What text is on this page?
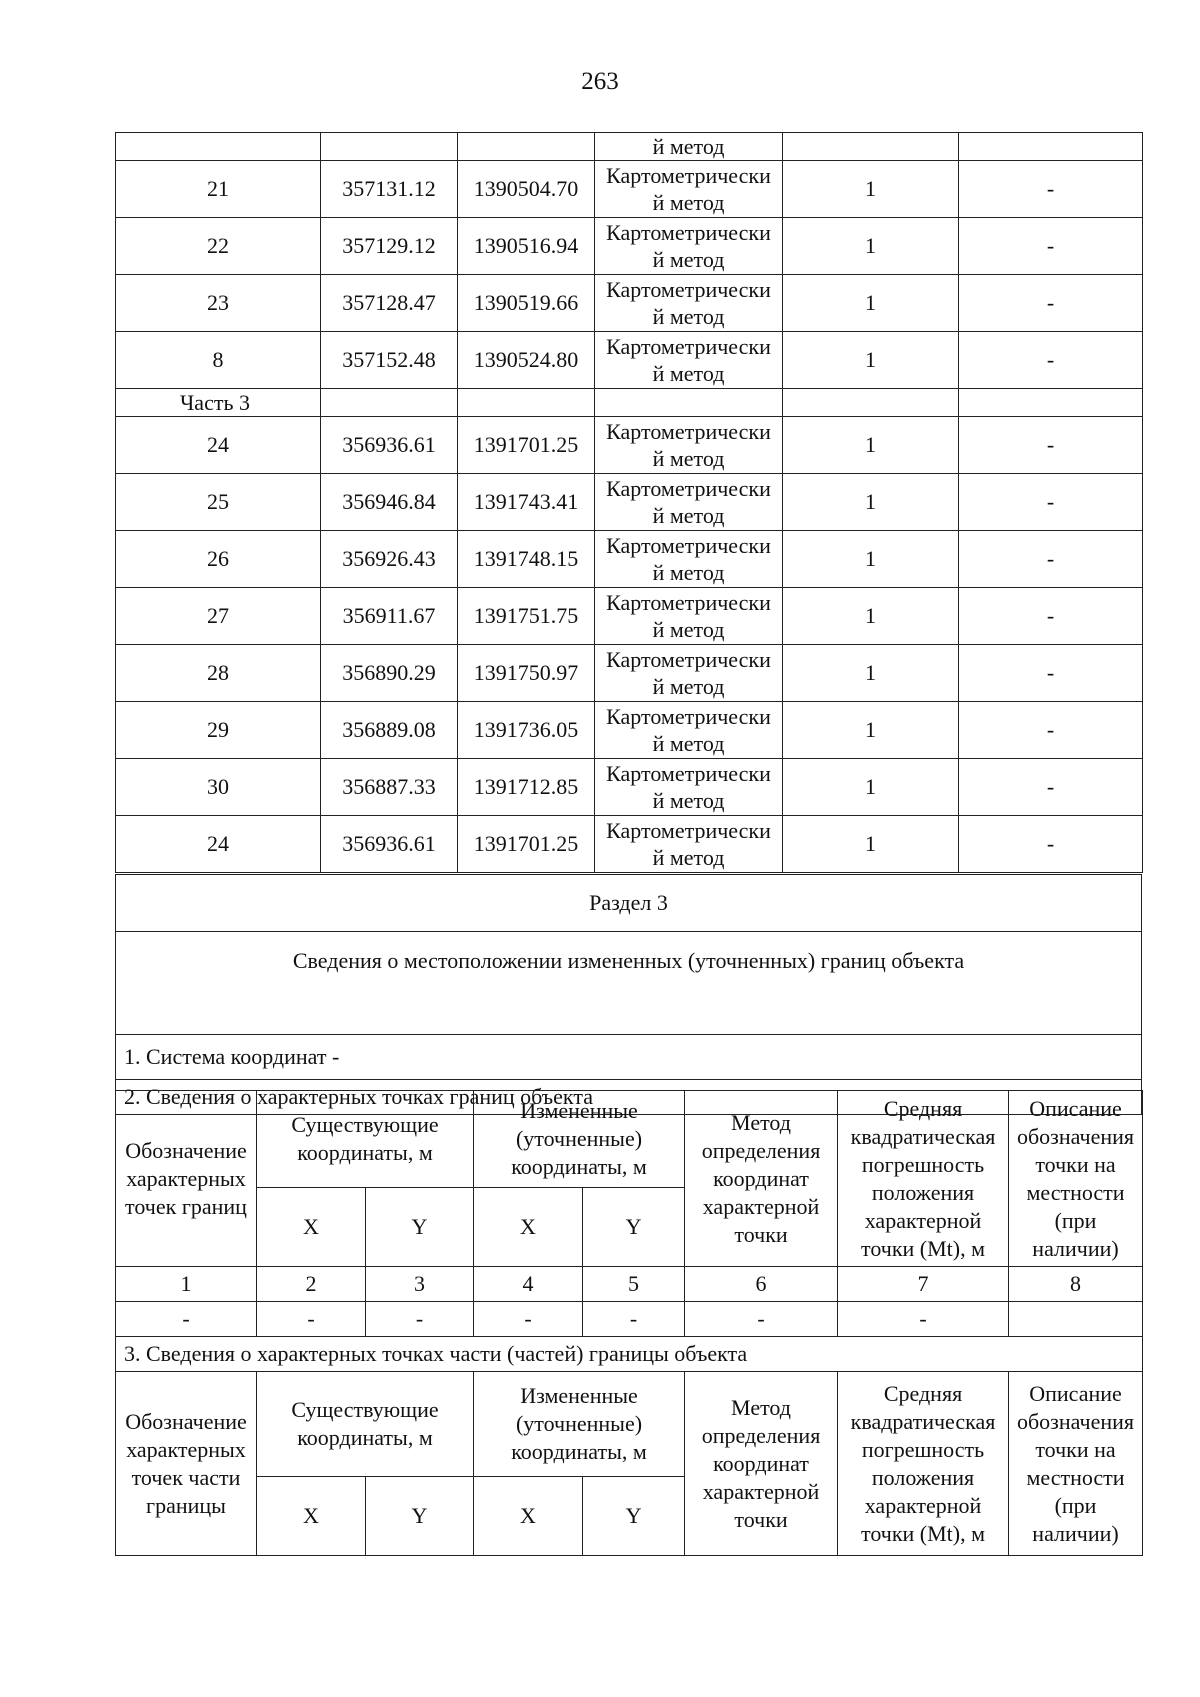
263
			й метод		
21	357131.12	1390504.70	Картометрически
й метод	1	-
22	357129.12	1390516.94	Картометрически
й метод	1	-
23	357128.47	1390519.66	Картометрически
й метод	1	-
8	357152.48	1390524.80	Картометрически
й метод	1	-
Часть 3					
24	356936.61	1391701.25	Картометрически
й метод	1	-
25	356946.84	1391743.41	Картометрически
й метод	1	-
26	356926.43	1391748.15	Картометрически
й метод	1	-
27	356911.67	1391751.75	Картометрически
й метод	1	-
28	356890.29	1391750.97	Картометрически
й метод	1	-
29	356889.08	1391736.05	Картометрически
й метод	1	-
30	356887.33	1391712.85	Картометрически
й метод	1	-
24	356936.61	1391701.25	Картометрически
й метод	1	-
Раздел 3
Сведения о местоположении измененных (уточненных) границ объекта
1. Система координат -
2. Сведения о характерных точках границ объекта
Обозначение характерных точек границ	Существующие координаты, м		Измененные (уточненные) координаты, м		Метод определения координат характерной точки	Средняя квадратическая погрешность положения характерной точки (Mt), м	Описание обозначения точки на местности (при наличии)
	X	Y	X	Y			
1	2	3	4	5	6	7	8
-	-	-	-	-	-	-	
3. Сведения о характерных точках части (частей) границы объекта							
Обозначение характерных точек части границы	Существующие координаты, м		Измененные (уточненные) координаты, м		Метод определения координат характерной точки	Средняя квадратическая погрешность положения характерной точки (Mt), м	Описание обозначения точки на местности (при наличии)
	X	Y	X	Y			
